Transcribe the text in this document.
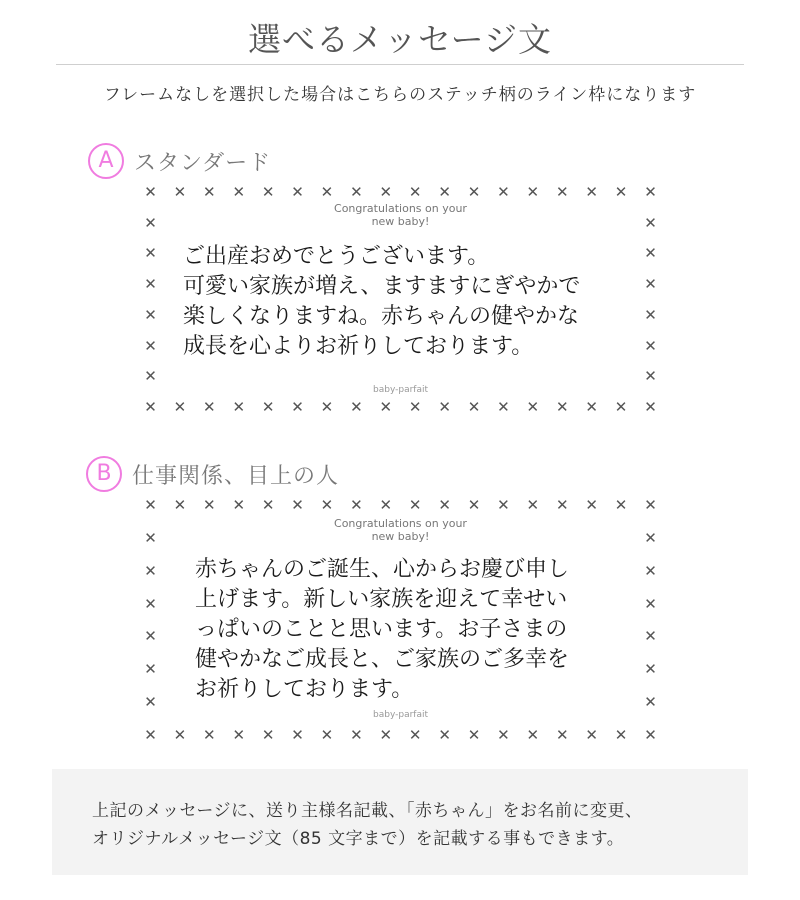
選べるメッセージ文
フレームなしを選択した場合はこちらのステッチ柄のライン枠になります
A スタンダード
Congratulations on your
new baby!
ご出産おめでとうございます。
可愛い家族が増え、ますますにぎやかで
楽しくなりますね。赤ちゃんの健やかな
成長を心よりお祈りしております。
baby-parfait
✕
✕
✕
✕
✕
✕
✕
✕
✕
✕
✕
✕
✕
✕
✕
✕
✕
✕
✕
✕
✕
✕
✕
✕
✕
✕
✕
✕
✕
✕
✕
✕
✕
✕
✕
✕
✕	✕
✕	✕
✕	✕
✕	✕
✕	✕
✕	✕
B 仕事関係、目上の人
Congratulations on your
new baby!
赤ちゃんのご誕生、心からお慶び申し
上げます。新しい家族を迎えて幸せい
っぱいのことと思います。お子さまの
健やかなご成長と、ご家族のご多幸を
お祈りしております。
baby-parfait
✕
✕
✕
✕
✕
✕
✕
✕
✕
✕
✕
✕
✕
✕
✕
✕
✕
✕
✕
✕
✕
✕
✕
✕
✕
✕
✕
✕
✕
✕
✕
✕
✕
✕
✕
✕
✕	✕
✕	✕
✕	✕
✕	✕
✕	✕
✕	✕
上記のメッセージに、送り主様名記載、「赤ちゃん」をお名前に変更、
オリジナルメッセージ文（85 文字まで）を記載する事もできます。
